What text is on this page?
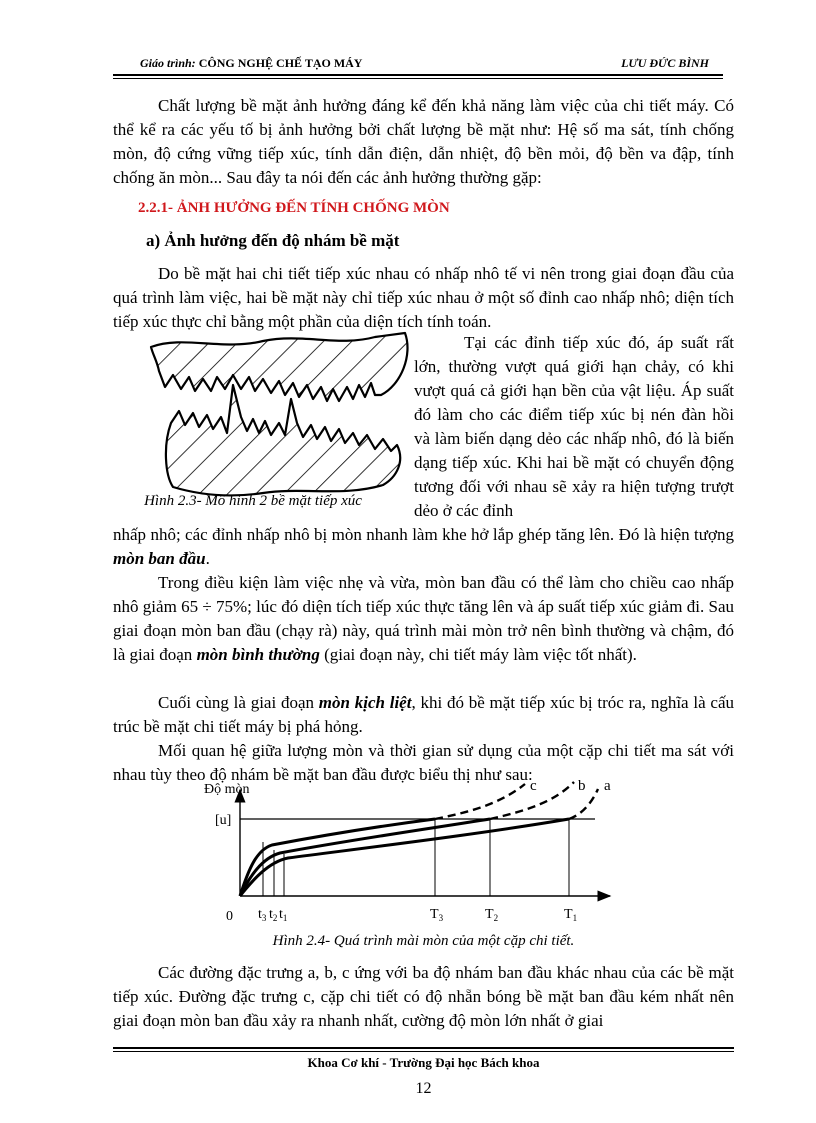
Giáo trình: CÔNG NGHỆ CHẾ TẠO MÁY	LƯU ĐỨC BÌNH
Chất lượng bề mặt ảnh hưởng đáng kể đến khả năng làm việc của chi tiết máy. Có thể kể ra các yếu tố bị ảnh hưởng bởi chất lượng bề mặt như: Hệ số ma sát, tính chống mòn, độ cứng vững tiếp xúc, tính dẫn điện, dẫn nhiệt, độ bền mỏi, độ bền va đập, tính chống ăn mòn... Sau đây ta nói đến các ảnh hưởng thường gặp:
2.2.1- ẢNH HƯỞNG ĐẾN TÍNH CHỐNG MÒN
a) Ảnh hưởng đến độ nhám bề mặt
Do bề mặt hai chi tiết tiếp xúc nhau có nhấp nhô tế vi nên trong giai đoạn đầu của quá trình làm việc, hai bề mặt này chỉ tiếp xúc nhau ở một số đỉnh cao nhấp nhô; diện tích tiếp xúc thực chỉ bằng một phần của diện tích tính toán.
Hình 2.3- Mô hình 2 bề mặt tiếp xúc
Tại các đỉnh tiếp xúc đó, áp suất rất lớn, thường vượt quá giới hạn chảy, có khi vượt quá cả giới hạn bền của vật liệu. Áp suất đó làm cho các điểm tiếp xúc bị nén đàn hồi và làm biến dạng dẻo các nhấp nhô, đó là biến dạng tiếp xúc. Khi hai bề mặt có chuyển động tương đối với nhau sẽ xảy ra hiện tượng trượt dẻo ở các đỉnh
nhấp nhô; các đỉnh nhấp nhô bị mòn nhanh làm khe hở lắp ghép tăng lên. Đó là hiện tượng mòn ban đầu.
Trong điều kiện làm việc nhẹ và vừa, mòn ban đầu có thể làm cho chiều cao nhấp nhô giảm 65 ÷ 75%; lúc đó diện tích tiếp xúc thực tăng lên và áp suất tiếp xúc giảm đi. Sau giai đoạn mòn ban đầu (chạy rà) này, quá trình mài mòn trở nên bình thường và chậm, đó là giai đoạn mòn bình thường (giai đoạn này, chi tiết máy làm việc tốt nhất).
Cuối cùng là giai đoạn mòn kịch liệt, khi đó bề mặt tiếp xúc bị tróc ra, nghĩa là cấu trúc bề mặt chi tiết máy bị phá hỏng.
Mối quan hệ giữa lượng mòn và thời gian sử dụng của một cặp chi tiết ma sát với nhau tùy theo độ nhám bề mặt ban đầu được biểu thị như sau:
Độ mòn
[u]
0 $t_3$ $t_2$ $t_1$	$T_3$	$T_2$	$T_1$
c	b a
Hình 2.4- Quá trình mài mòn của một cặp chi tiết.
Các đường đặc trưng a, b, c ứng với ba độ nhám ban đầu khác nhau của các bề mặt tiếp xúc. Đường đặc trưng c, cặp chi tiết có độ nhẵn bóng bề mặt ban đầu kém nhất nên giai đoạn mòn ban đầu xảy ra nhanh nhất, cường độ mòn lớn nhất ở giai
Khoa Cơ khí - Trường Đại học Bách khoa
12
